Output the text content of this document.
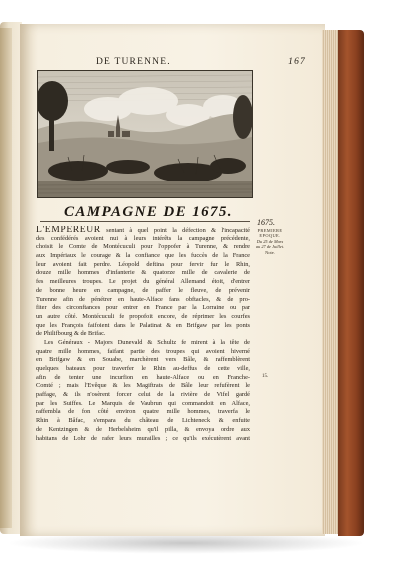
DE TURENNE.	167
CAMPAGNE DE 1675.
1675.
PREMIERE
EPOQUE.
Du 25 de Mars
au 27 de Juillet.
Note.
15.
L'EMPEREUR sentant à quel point la défection & l'incapacité
des confédérés avoient nui à leurs intérêts la campagne précédente,
choisit le Comte de Montécuculi pour l'oppofer à Turenne, & rendre
aux Impériaux le courage & la confiance que les fuccès de la France
leur avoient fait perdre. Léopold deftina pour fervir fur le Rhin,
douze mille hommes d'infanterie & quatorze mille de cavalerie de
fes meilleures troupes. Le projet du général Allemand étoit, d'entrer
de bonne heure en campagne, de paffer le fleuve, de prévenir
Turenne afin de pénétrer en haute-Alface fans obftacles, & de pro-
fiter des circonftances pour entrer en France par la Lorraine ou par
un autre côté. Montécuculi fe propofoit encore, de réprimer les courfes
que les François faifoient dans le Palatinat & en Brifgaw par les ponts
de Philifbourg & de Brifac.
Les Généraux - Majors Dunevald & Schultz fe mirent à la tête de
quatre mille hommes, faifant partie des troupes qui avoient hiverné
en Brifgaw & en Souabe, marchèrent vers Bâle, & raffemblèrent
quelques bateaux pour traverfer le Rhin au-deffus de cette ville,
afin de tenter une incurfion en haute-Alface ou en Franche-
Comté ; mais l'Evêque & les Magiftrats de Bâle leur refufèrent le
paffage, & ils n'osèrent forcer celui de la rivière de Vifel gardé
par les Suiffes. Le Marquis de Vaubrun qui commandoit en Alface,
raffembla de fon côté environ quatre mille hommes, traverfa le
Rhin à Bâfac, s'empara du château de Lichteneck & enfuite
de Kentzingen & de Herbelsheim qu'il pilla, & envoya ordre aux
habitans de Lohr de rafer leurs murailles ; ce qu'ils exécutèrent avant
